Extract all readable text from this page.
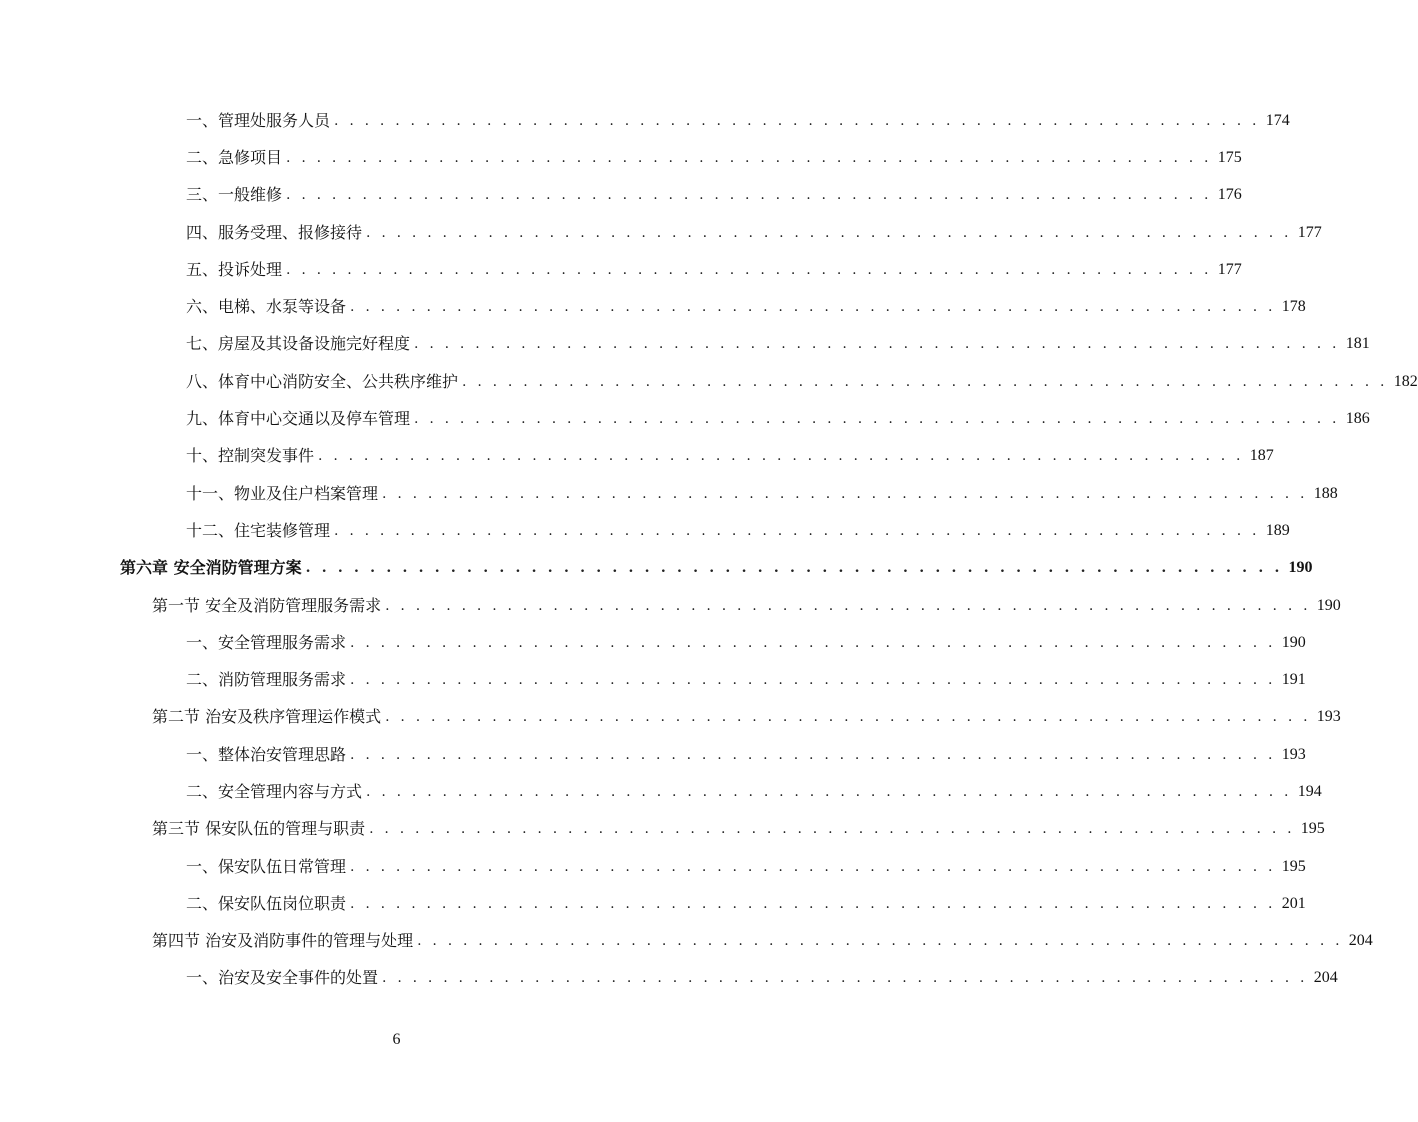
一、管理处服务人员 . . . . . . . . . . . . . . . . . . . . . . . . . . . . . . . . . . . . . . . . . . . . . . . . . . . . . . . . . . . . . 174
二、急修项目 . . . . . . . . . . . . . . . . . . . . . . . . . . . . . . . . . . . . . . . . . . . . . . . . . . . . . . . . . . . . . 175
三、一般维修 . . . . . . . . . . . . . . . . . . . . . . . . . . . . . . . . . . . . . . . . . . . . . . . . . . . . . . . . . . . . . 176
四、服务受理、报修接待 . . . . . . . . . . . . . . . . . . . . . . . . . . . . . . . . . . . . . . . . . . . . . . . . . . . . . . . . . . . . . 177
五、投诉处理 . . . . . . . . . . . . . . . . . . . . . . . . . . . . . . . . . . . . . . . . . . . . . . . . . . . . . . . . . . . . . 177
六、电梯、水泵等设备 . . . . . . . . . . . . . . . . . . . . . . . . . . . . . . . . . . . . . . . . . . . . . . . . . . . . . . . . . . . . . 178
七、房屋及其设备设施完好程度 . . . . . . . . . . . . . . . . . . . . . . . . . . . . . . . . . . . . . . . . . . . . . . . . . . . . . . . . . . . . . 181
八、体育中心消防安全、公共秩序维护 . . . . . . . . . . . . . . . . . . . . . . . . . . . . . . . . . . . . . . . . . . . . . . . . . . . . . . . . . . . . . 182
九、体育中心交通以及停车管理 . . . . . . . . . . . . . . . . . . . . . . . . . . . . . . . . . . . . . . . . . . . . . . . . . . . . . . . . . . . . . 186
十、控制突发事件 . . . . . . . . . . . . . . . . . . . . . . . . . . . . . . . . . . . . . . . . . . . . . . . . . . . . . . . . . . . . . 187
十一、物业及住户档案管理 . . . . . . . . . . . . . . . . . . . . . . . . . . . . . . . . . . . . . . . . . . . . . . . . . . . . . . . . . . . . . 188
十二、住宅装修管理 . . . . . . . . . . . . . . . . . . . . . . . . . . . . . . . . . . . . . . . . . . . . . . . . . . . . . . . . . . . . . 189
第六章 安全消防管理方案 . . . . . . . . . . . . . . . . . . . . . . . . . . . . . . . . . . . . . . . . . . . . . . . . . . . . . . . . . . . . . 190
第一节 安全及消防管理服务需求 . . . . . . . . . . . . . . . . . . . . . . . . . . . . . . . . . . . . . . . . . . . . . . . . . . . . . . . . . . . . . 190
一、安全管理服务需求 . . . . . . . . . . . . . . . . . . . . . . . . . . . . . . . . . . . . . . . . . . . . . . . . . . . . . . . . . . . . . 190
二、消防管理服务需求 . . . . . . . . . . . . . . . . . . . . . . . . . . . . . . . . . . . . . . . . . . . . . . . . . . . . . . . . . . . . . 191
第二节 治安及秩序管理运作模式 . . . . . . . . . . . . . . . . . . . . . . . . . . . . . . . . . . . . . . . . . . . . . . . . . . . . . . . . . . . . . 193
一、整体治安管理思路 . . . . . . . . . . . . . . . . . . . . . . . . . . . . . . . . . . . . . . . . . . . . . . . . . . . . . . . . . . . . . 193
二、安全管理内容与方式 . . . . . . . . . . . . . . . . . . . . . . . . . . . . . . . . . . . . . . . . . . . . . . . . . . . . . . . . . . . . . 194
第三节 保安队伍的管理与职责 . . . . . . . . . . . . . . . . . . . . . . . . . . . . . . . . . . . . . . . . . . . . . . . . . . . . . . . . . . . . . 195
一、保安队伍日常管理 . . . . . . . . . . . . . . . . . . . . . . . . . . . . . . . . . . . . . . . . . . . . . . . . . . . . . . . . . . . . . 195
二、保安队伍岗位职责 . . . . . . . . . . . . . . . . . . . . . . . . . . . . . . . . . . . . . . . . . . . . . . . . . . . . . . . . . . . . . 201
第四节 治安及消防事件的管理与处理 . . . . . . . . . . . . . . . . . . . . . . . . . . . . . . . . . . . . . . . . . . . . . . . . . . . . . . . . . . . . . 204
一、治安及安全事件的处置 . . . . . . . . . . . . . . . . . . . . . . . . . . . . . . . . . . . . . . . . . . . . . . . . . . . . . . . . . . . . . 204
6
